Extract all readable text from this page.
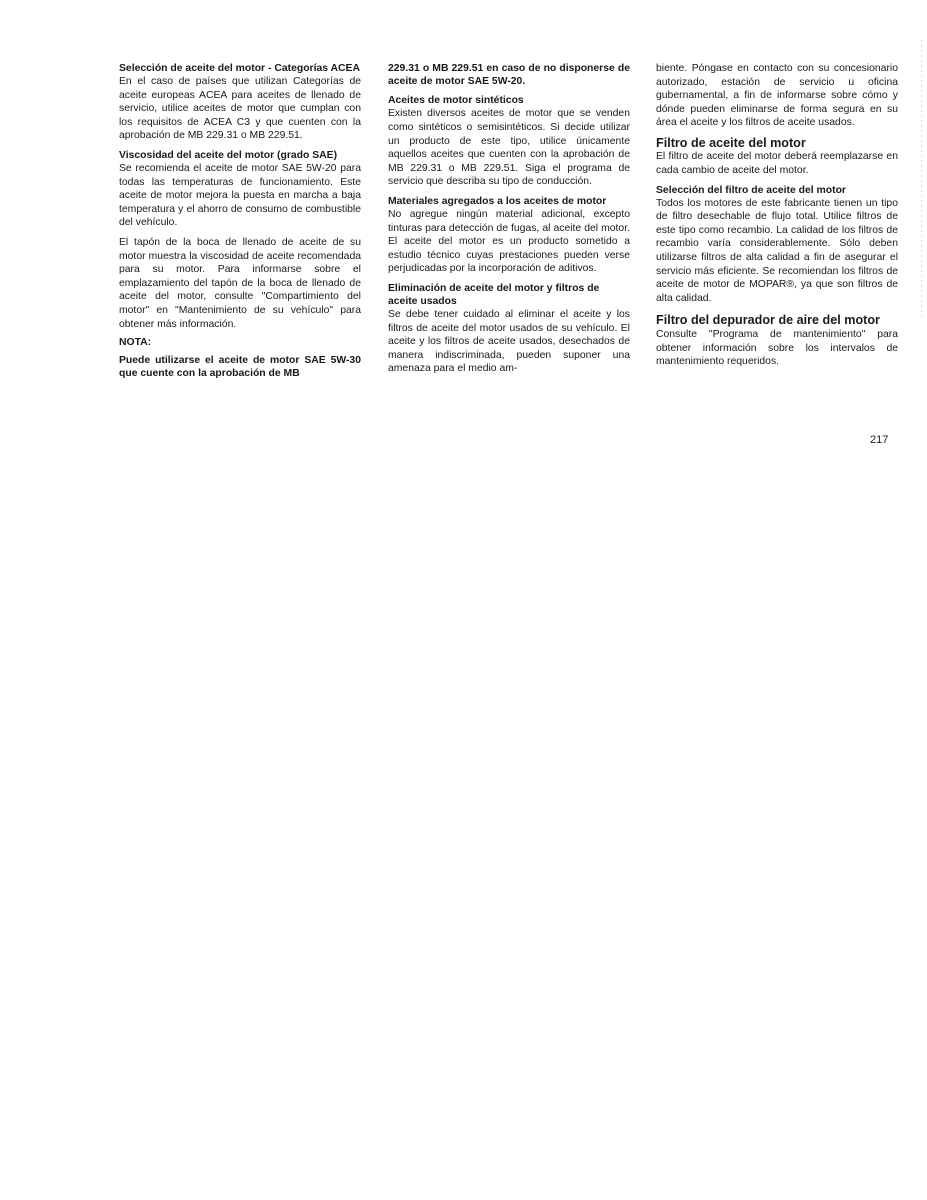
Selección de aceite del motor - Categorías ACEA

En el caso de países que utilizan Categorías de aceite europeas ACEA para aceites de llenado de servicio, utilice aceites de motor que cumplan con los requisitos de ACEA C3 y que cuenten con la aprobación de MB 229.31 o MB 229.51.

Viscosidad del aceite del motor (grado SAE)

Se recomienda el aceite de motor SAE 5W-20 para todas las temperaturas de funcionamiento. Este aceite de motor mejora la puesta en marcha a baja temperatura y el ahorro de consumo de combustible del vehículo.

El tapón de la boca de llenado de aceite de su motor muestra la viscosidad de aceite recomendada para su motor. Para informarse sobre el emplazamiento del tapón de la boca de llenado de aceite del motor, consulte "Compartimiento del motor" en "Mantenimiento de su vehículo" para obtener más información.

NOTA:

Puede utilizarse el aceite de motor SAE 5W-30 que cuente con la aprobación de MB

229.31 o MB 229.51 en caso de no disponerse de aceite de motor SAE 5W-20.

Aceites de motor sintéticos

Existen diversos aceites de motor que se venden como sintéticos o semisintéticos. Si decide utilizar un producto de este tipo, utilice únicamente aquellos aceites que cuenten con la aprobación de MB 229.31 o MB 229.51. Siga el programa de servicio que describa su tipo de conducción.

Materiales agregados a los aceites de motor

No agregue ningún material adicional, excepto tinturas para detección de fugas, al aceite del motor. El aceite del motor es un producto sometido a estudio técnico cuyas prestaciones pueden verse perjudicadas por la incorporación de aditivos.

Eliminación de aceite del motor y filtros de aceite usados

Se debe tener cuidado al eliminar el aceite y los filtros de aceite del motor usados de su vehículo. El aceite y los filtros de aceite usados, desechados de manera indiscriminada, pueden suponer una amenaza para el medio am-

biente. Póngase en contacto con su concesionario autorizado, estación de servicio u oficina gubernamental, a fin de informarse sobre cómo y dónde pueden eliminarse de forma segura en su área el aceite y los filtros de aceite usados.

Filtro de aceite del motor

El filtro de aceite del motor deberá reemplazarse en cada cambio de aceite del motor.

Selección del filtro de aceite del motor

Todos los motores de este fabricante tienen un tipo de filtro desechable de flujo total. Utilice filtros de este tipo como recambio. La calidad de los filtros de recambio varía considerablemente. Sólo deben utilizarse filtros de alta calidad a fin de asegurar el servicio más eficiente. Se recomiendan los filtros de aceite de motor de MOPAR®, ya que son filtros de alta calidad.

Filtro del depurador de aire del motor

Consulte "Programa de mantenimiento" para obtener información sobre los intervalos de mantenimiento requeridos.

217
